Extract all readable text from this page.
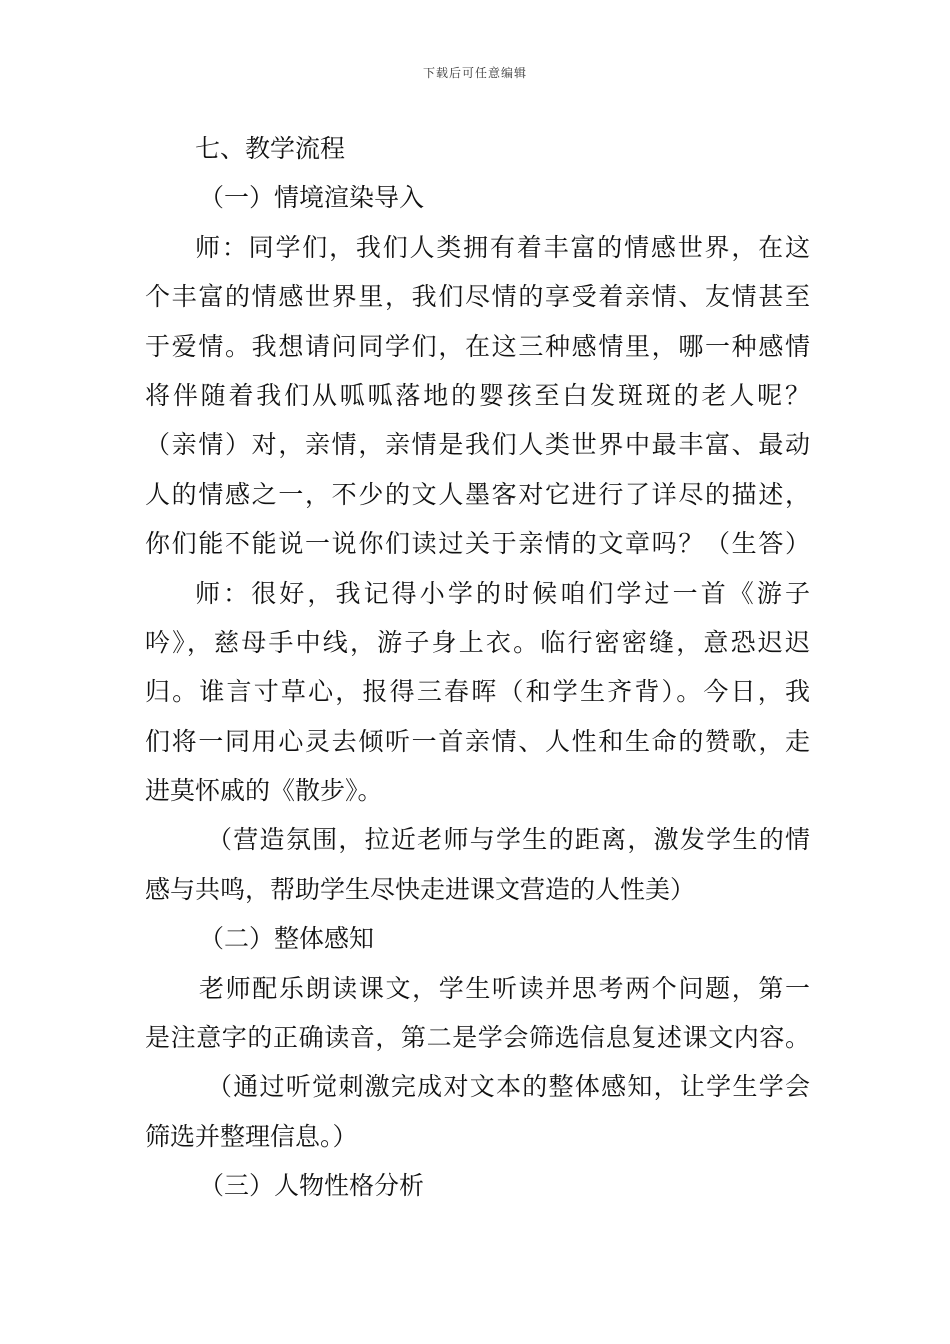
下载后可任意编辑
七、教学流程
（一）情境渲染导入
师：同学们，我们人类拥有着丰富的情感世界，在这
个丰富的情感世界里，我们尽情的享受着亲情、友情甚至
于爱情。我想请问同学们，在这三种感情里，哪一种感情
将伴随着我们从呱呱落地的婴孩至白发斑斑的老人呢？
（亲情）对，亲情，亲情是我们人类世界中最丰富、最动
人的情感之一，不少的文人墨客对它进行了详尽的描述，
你们能不能说一说你们读过关于亲情的文章吗？（生答）
师：很好，我记得小学的时候咱们学过一首《游子
吟》，慈母手中线，游子身上衣。临行密密缝，意恐迟迟
归。谁言寸草心，报得三春晖（和学生齐背）。今日，我
们将一同用心灵去倾听一首亲情、人性和生命的赞歌，走
进莫怀戚的《散步》。
（营造氛围，拉近老师与学生的距离，激发学生的情
感与共鸣，帮助学生尽快走进课文营造的人性美）
（二）整体感知
老师配乐朗读课文，学生听读并思考两个问题，第一
是注意字的正确读音，第二是学会筛选信息复述课文内容。
（通过听觉刺激完成对文本的整体感知，让学生学会
筛选并整理信息。）
（三）人物性格分析
